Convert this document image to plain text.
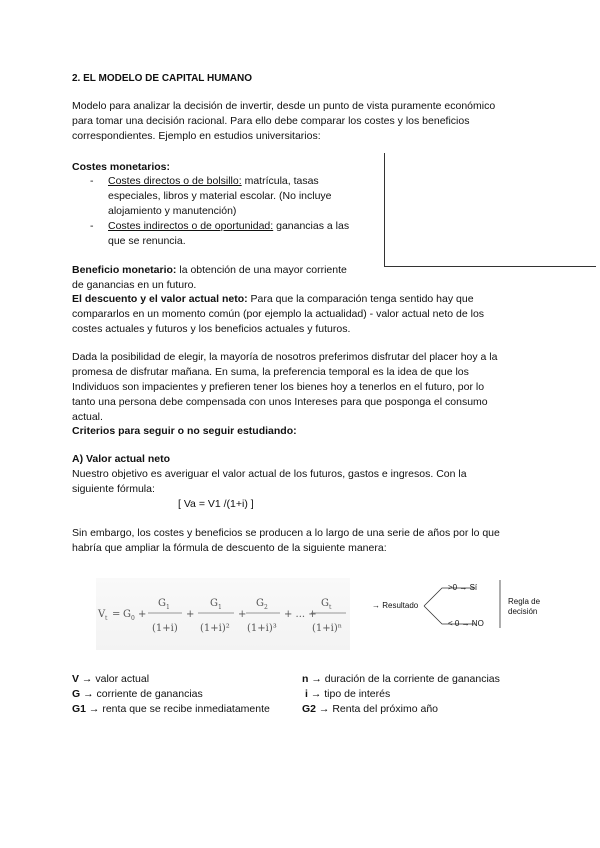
2. EL MODELO DE CAPITAL HUMANO

Modelo para analizar la decisión de invertir, desde un punto de vista puramente económico

para tomar una decisión racional. Para ello debe comparar los costes y los beneficios

correspondientes. Ejemplo en estudios universitarios:

Costes monetarios:

- Costes directos o de bolsillo: matrícula, tasas

especiales, libros y material escolar. (No incluye

alojamiento y manutención)

- Costes indirectos o de oportunidad: ganancias a las

que se renuncia.

Beneficio monetario: la obtención de una mayor corriente

de ganancias en un futuro.

El descuento y el valor actual neto: Para que la comparación tenga sentido hay que

compararlos en un momento común (por ejemplo la actualidad) - valor actual neto de los

costes actuales y futuros y los beneficios actuales y futuros.

Dada la posibilidad de elegir, la mayoría de nosotros preferimos disfrutar del placer hoy a la

promesa de disfrutar mañana. En suma, la preferencia temporal es la idea de que los

Individuos son impacientes y prefieren tener los bienes hoy a tenerlos en el futuro, por lo

tanto una persona debe compensada con unos Intereses para que posponga el consumo

actual.

Criterios para seguir o no seguir estudiando:

A) Valor actual neto

Nuestro objetivo es averiguar el valor actual de los futuros, gastos e ingresos. Con la

siguiente fórmula:

[ Va = V1 /(1+i) ]

Sin embargo, los costes y beneficios se producen a lo largo de una serie de años por lo que

habría que ampliar la fórmula de descuento de la siguiente manera:

V t = G 0 +
G 1
(1+i)
+
G 1
(1+i)²
+
G 2
(1+i)³
+ ... +
G t
(1+i)ⁿ
→ Resultado
>0 → Sí
< 0 → NO
Regla de
decisión

V → valor actual	n → duración de la corriente de ganancias

G → corriente de ganancias	i → tipo de interés

G1 → renta que se recibe inmediatamente	G2 → Renta del próximo año
